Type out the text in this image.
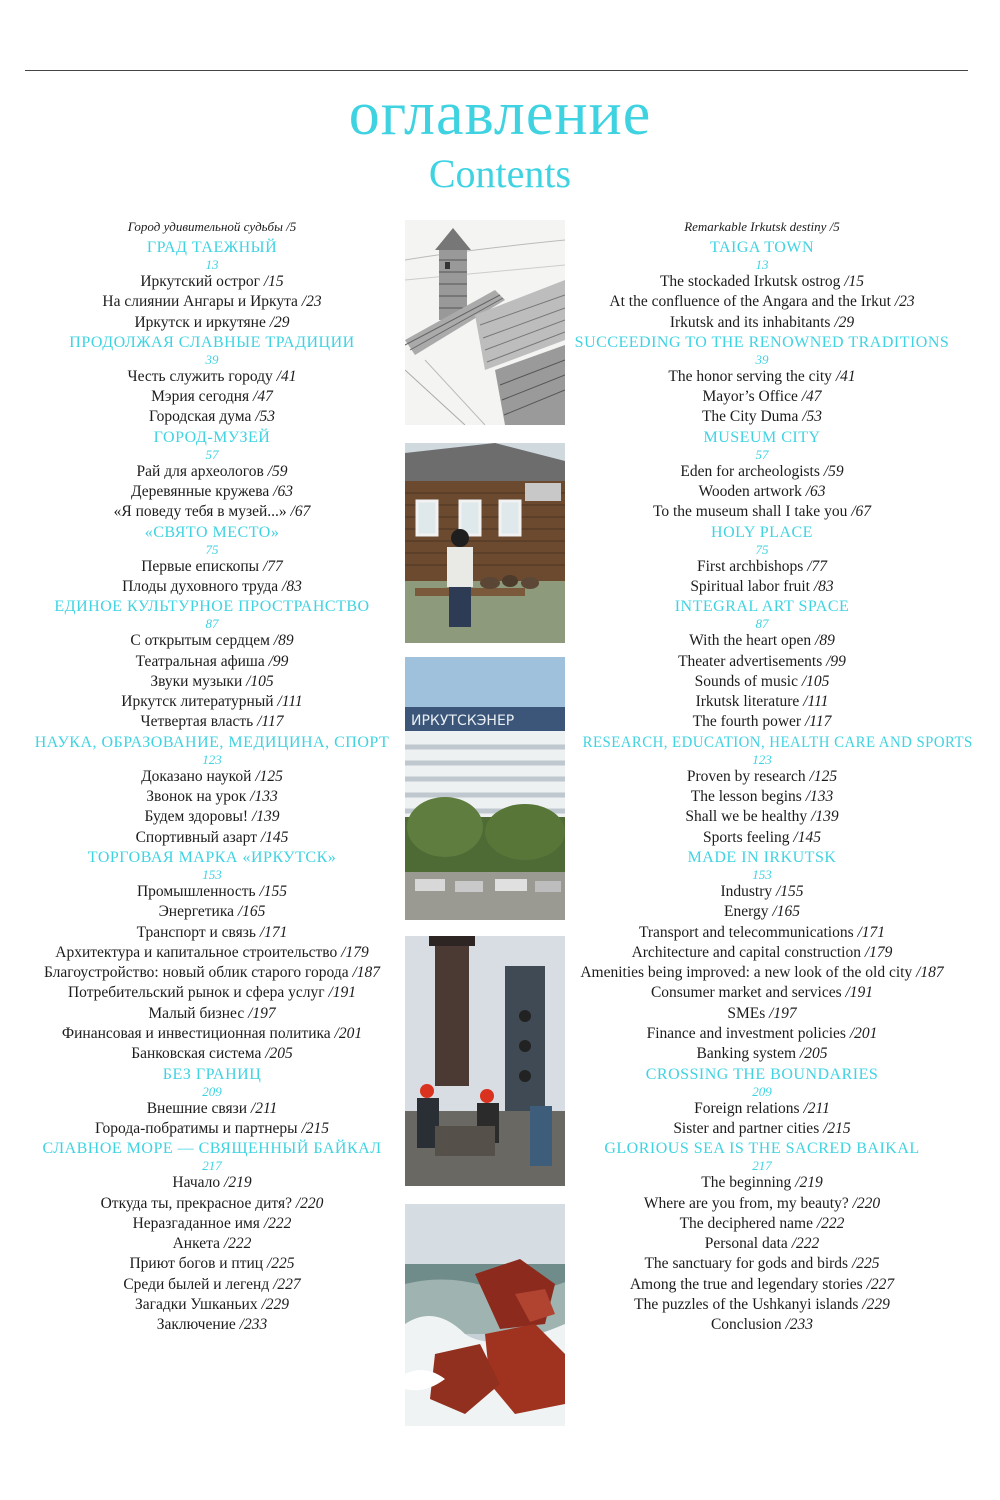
оглавление
Contents
Город удивительной судьбы /5
ГРАД ТАЕЖНЫЙ
13
Иркутский острог /15
На слиянии Ангары и Иркута /23
Иркутск и иркутяне /29
ПРОДОЛЖАЯ СЛАВНЫЕ ТРАДИЦИИ
39
Честь служить городу /41
Мэрия сегодня /47
Городская дума /53
ГОРОД-МУЗЕЙ
57
Рай для археологов /59
Деревянные кружева /63
«Я поведу тебя в музей...» /67
«СВЯТО МЕСТО»
75
Первые епископы /77
Плоды духовного труда /83
ЕДИНОЕ КУЛЬТУРНОЕ ПРОСТРАНСТВО
87
С открытым сердцем /89
Театральная афиша /99
Звуки музыки /105
Иркутск литературный /111
Четвертая власть /117
НАУКА, ОБРАЗОВАНИЕ, МЕДИЦИНА, СПОРТ
123
Доказано наукой /125
Звонок на урок /133
Будем здоровы! /139
Спортивный азарт /145
ТОРГОВАЯ МАРКА «ИРКУТСК»
153
Промышленность /155
Энергетика /165
Транспорт и связь /171
Архитектура и капитальное строительство /179
Благоустройство: новый облик старого города /187
Потребительский рынок и сфера услуг /191
Малый бизнес /197
Финансовая и инвестиционная политика /201
Банковская система /205
БЕЗ ГРАНИЦ
209
Внешние связи /211
Города-побратимы и партнеры /215
СЛАВНОЕ МОРЕ — СВЯЩЕННЫЙ БАЙКАЛ
217
Начало /219
Откуда ты, прекрасное дитя? /220
Неразгаданное имя /222
Анкета /222
Приют богов и птиц /225
Среди былей и легенд /227
Загадки Ушканьих /229
Заключение /233
Remarkable Irkutsk destiny /5
TAIGA TOWN
13
The stockaded Irkutsk ostrog /15
At the confluence of the Angara and the Irkut /23
Irkutsk and its inhabitants /29
SUCCEEDING TO THE RENOWNED TRADITIONS
39
The honor serving the city /41
Mayor’s Office /47
The City Duma /53
MUSEUM CITY
57
Eden for archeologists /59
Wooden artwork /63
To the museum shall I take you /67
HOLY PLACE
75
First archbishops /77
Spiritual labor fruit /83
INTEGRAL ART SPACE
87
With the heart open /89
Theater advertisements /99
Sounds of music /105
Irkutsk literature /111
The fourth power /117
RESEARCH, EDUCATION, HEALTH CARE AND SPORTS
123
Proven by research /125
The lesson begins /133
Shall we be healthy /139
Sports feeling /145
MADE IN IRKUTSK
153
Industry /155
Energy /165
Transport and telecommunications /171
Architecture and capital construction /179
Amenities being improved: a new look of the old city /187
Consumer market and services /191
SMEs /197
Finance and investment policies /201
Banking system /205
CROSSING THE BOUNDARIES
209
Foreign relations /211
Sister and partner cities /215
GLORIOUS SEA IS THE SACRED BAIKAL
217
The beginning /219
Where are you from, my beauty? /220
The deciphered name /222
Personal data /222
The sanctuary for gods and birds /225
Among the true and legendary stories /227
The puzzles of the Ushkanyi islands /229
Conclusion /233
ИРКУТСКЭНЕР
